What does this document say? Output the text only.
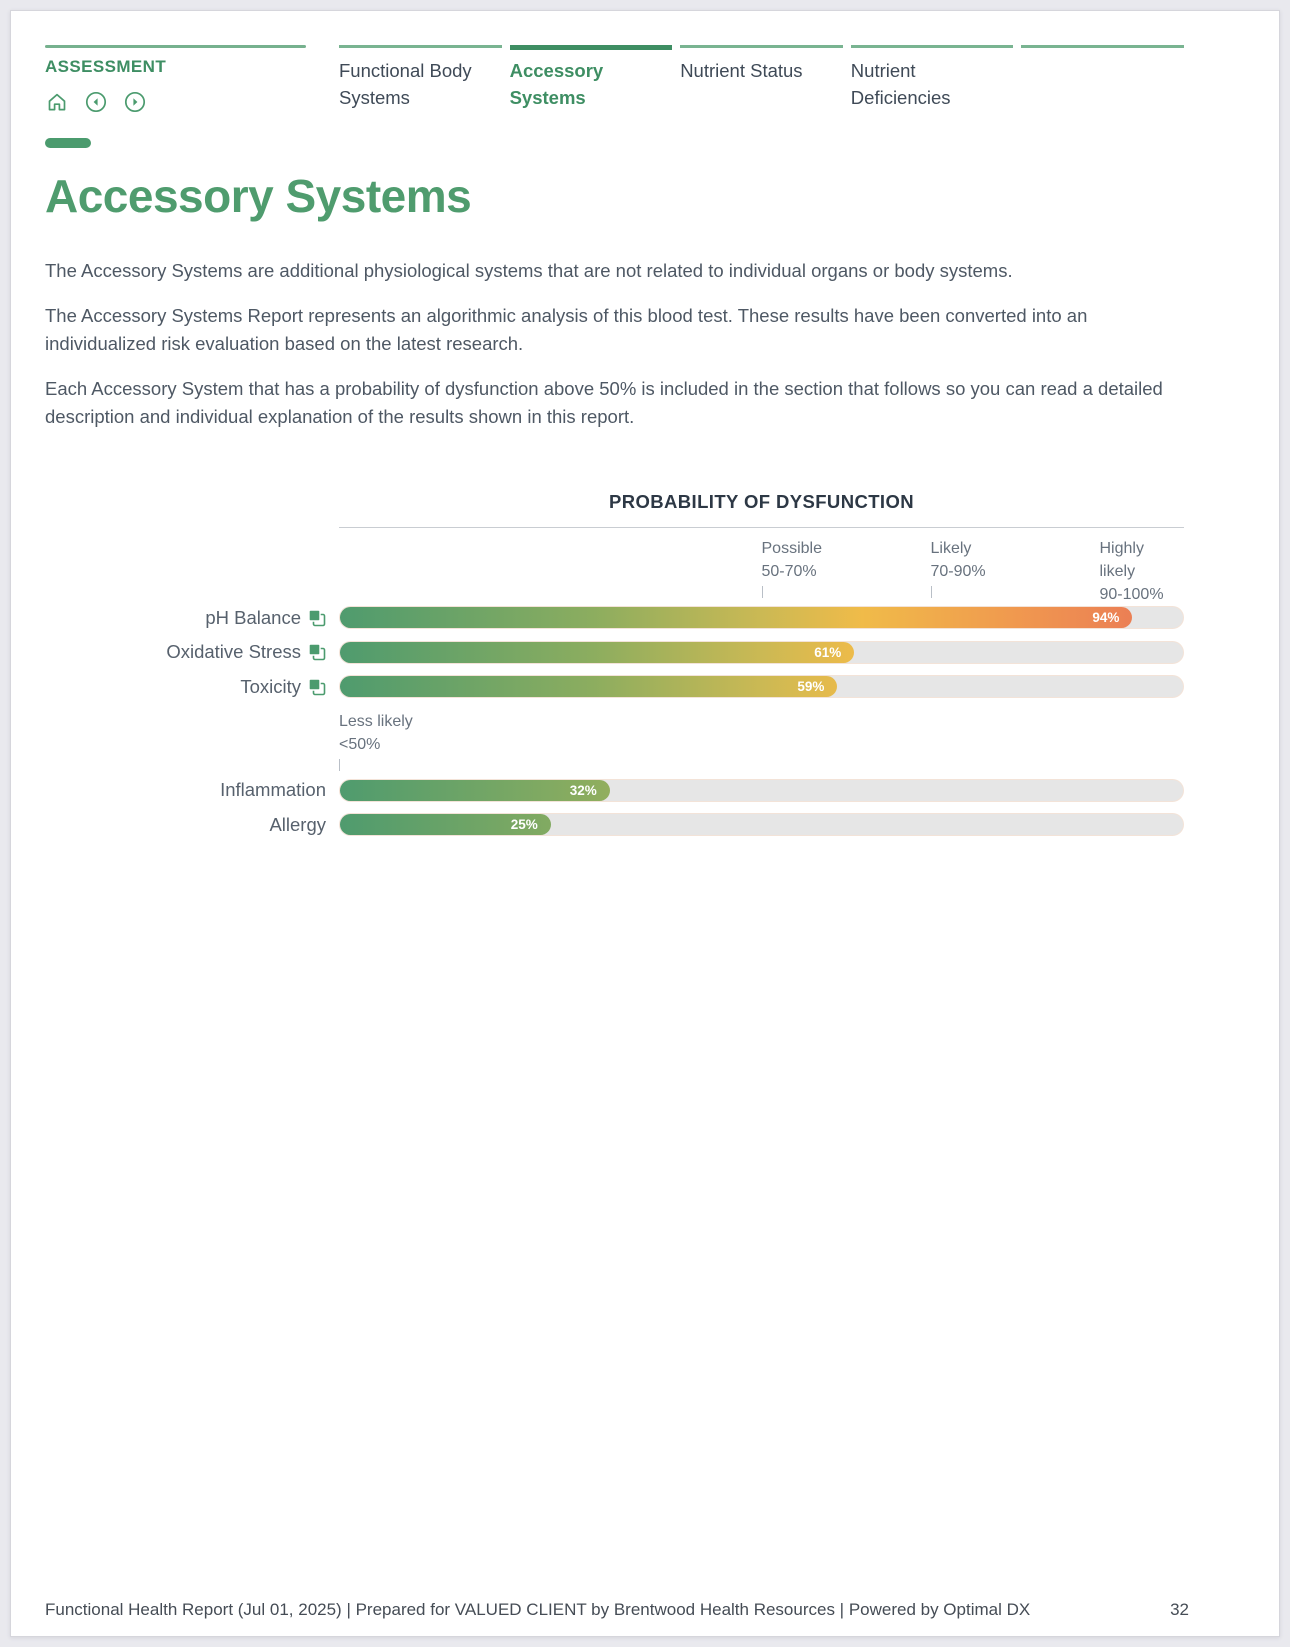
ASSESSMENT	Functional Body Systems
Accessory Systems
Nutrient Status	Nutrient Deficiencies
Accessory Systems

The Accessory Systems are additional physiological systems that are not related to individual organs or body systems.

The Accessory Systems Report represents an algorithmic analysis of this blood test. These results have been converted into an individualized risk evaluation based on the latest research.

Each Accessory System that has a probability of dysfunction above 50% is included in the section that follows so you can read a detailed description and individual explanation of the results shown in this report.

PROBABILITY OF DYSFUNCTION
Possible
50-70%
Likely
70-90%
Highly likely
90-100%
pH Balance	94%
Oxidative Stress	61%
Toxicity	59%
Less likely
<50%
Inflammation	32%
Allergy	25%
Functional Health Report (Jul 01, 2025) | Prepared for VALUED CLIENT by Brentwood Health Resources | Powered by Optimal DX	32
